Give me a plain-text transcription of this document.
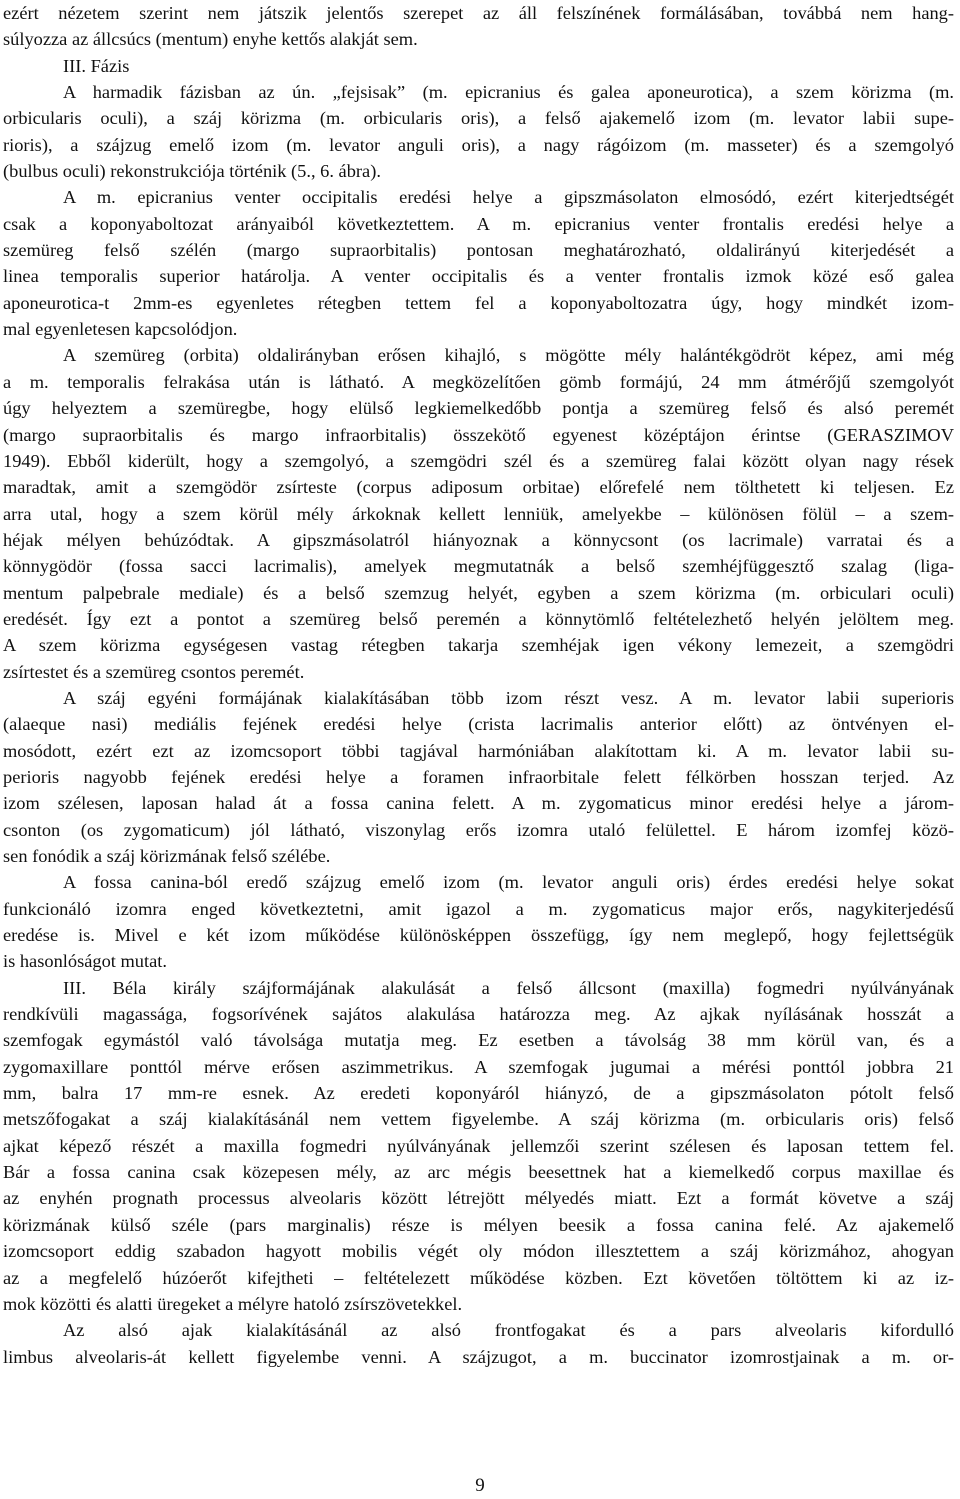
ezért nézetem szerint nem játszik jelentős szerepet az áll felszínének formálásában, továbbá nem hang-
súlyozza az állcsúcs (mentum) enyhe kettős alakját sem.
III. Fázis
A harmadik fázisban az ún. „fejsisak” (m. epicranius és galea aponeurotica), a szem körizma (m.
orbicularis oculi), a száj körizma (m. orbicularis oris), a felső ajakemelő izom (m. levator labii supe-
rioris), a szájzug emelő izom (m. levator anguli oris), a nagy rágóizom (m. masseter) és a szemgolyó
(bulbus oculi) rekonstrukciója történik (5., 6. ábra).
A m. epicranius venter occipitalis eredési helye a gipszmásolaton elmosódó, ezért kiterjedtségét
csak a koponyaboltozat arányaiból következtettem. A m. epicranius venter frontalis eredési helye a
szemüreg felső szélén (margo supraorbitalis) pontosan meghatározható, oldalirányú kiterjedését a
linea temporalis superior határolja. A venter occipitalis és a venter frontalis izmok közé eső galea
aponeurotica-t 2mm-es egyenletes rétegben tettem fel a koponyaboltozatra úgy, hogy mindkét izom-
mal egyenletesen kapcsolódjon.
A szemüreg (orbita) oldalirányban erősen kihajló, s mögötte mély halántékgödröt képez, ami még
a m. temporalis felrakása után is látható. A megközelítően gömb formájú, 24 mm átmérőjű szemgolyót
úgy helyeztem a szemüregbe, hogy elülső legkiemelkedőbb pontja a szemüreg felső és alsó peremét
(margo supraorbitalis és margo infraorbitalis) összekötő egyenest középtájon érintse (GERASZIMOV
1949). Ebből kiderült, hogy a szemgolyó, a szemgödri szél és a szemüreg falai között olyan nagy rések
maradtak, amit a szemgödör zsírteste (corpus adiposum orbitae) előrefelé nem tölthetett ki teljesen. Ez
arra utal, hogy a szem körül mély árkoknak kellett lenniük, amelyekbe – különösen fölül – a szem-
héjak mélyen behúzódtak. A gipszmásolatról hiányoznak a könnycsont (os lacrimale) varratai és a
könnygödör (fossa sacci lacrimalis), amelyek megmutatnák a belső szemhéjfüggesztő szalag (liga-
mentum palpebrale mediale) és a belső szemzug helyét, egyben a szem körizma (m. orbiculari oculi)
eredését. Így ezt a pontot a szemüreg belső peremén a könnytömlő feltételezhető helyén jelöltem meg.
A szem körizma egységesen vastag rétegben takarja szemhéjak igen vékony lemezeit, a szemgödri
zsírtestet és a szemüreg csontos peremét.
A száj egyéni formájának kialakításában több izom részt vesz. A m. levator labii superioris
(alaeque nasi) mediális fejének eredési helye (crista lacrimalis anterior előtt) az öntvényen el-
mosódott, ezért ezt az izomcsoport többi tagjával harmóniában alakítottam ki. A m. levator labii su-
perioris nagyobb fejének eredési helye a foramen infraorbitale felett félkörben hosszan terjed. Az
izom szélesen, laposan halad át a fossa canina felett. A m. zygomaticus minor eredési helye a járom-
csonton (os zygomaticum) jól látható, viszonylag erős izomra utaló felülettel. E három izomfej közö-
sen fonódik a száj körizmának felső szélébe.
A fossa canina-ból eredő szájzug emelő izom (m. levator anguli oris) érdes eredési helye sokat
funkcionáló izomra enged következtetni, amit igazol a m. zygomaticus major erős, nagykiterjedésű
eredése is. Mivel e két izom működése különösképpen összefügg, így nem meglepő, hogy fejlettségük
is hasonlóságot mutat.
III. Béla király szájformájának alakulását a felső állcsont (maxilla) fogmedri nyúlványának
rendkívüli magassága, fogsorívének sajátos alakulása határozza meg. Az ajkak nyílásának hosszát a
szemfogak egymástól való távolsága mutatja meg. Ez esetben a távolság 38 mm körül van, és a
zygomaxillare ponttól mérve erősen aszimmetrikus. A szemfogak jugumai a mérési ponttól jobbra 21
mm, balra 17 mm-re esnek. Az eredeti koponyáról hiányzó, de a gipszmásolaton pótolt felső
metszőfogakat a száj kialakításánál nem vettem figyelembe. A száj körizma (m. orbicularis oris) felső
ajkat képező részét a maxilla fogmedri nyúlványának jellemzői szerint szélesen és laposan tettem fel.
Bár a fossa canina csak közepesen mély, az arc mégis beesettnek hat a kiemelkedő corpus maxillae és
az enyhén prognath processus alveolaris között létrejött mélyedés miatt. Ezt a formát követve a száj
körizmának külső széle (pars marginalis) része is mélyen beesik a fossa canina felé. Az ajakemelő
izomcsoport eddig szabadon hagyott mobilis végét oly módon illesztettem a száj körizmához, ahogyan
az a megfelelő húzóerőt kifejtheti – feltételezett működése közben. Ezt követően töltöttem ki az iz-
mok közötti és alatti üregeket a mélyre hatoló zsírszövetekkel.
Az alsó ajak kialakításánál az alsó frontfogakat és a pars alveolaris kifordulló
limbus alveolaris-át kellett figyelembe venni. A szájzugot, a m. buccinator izomrostjainak a m. or-
9
